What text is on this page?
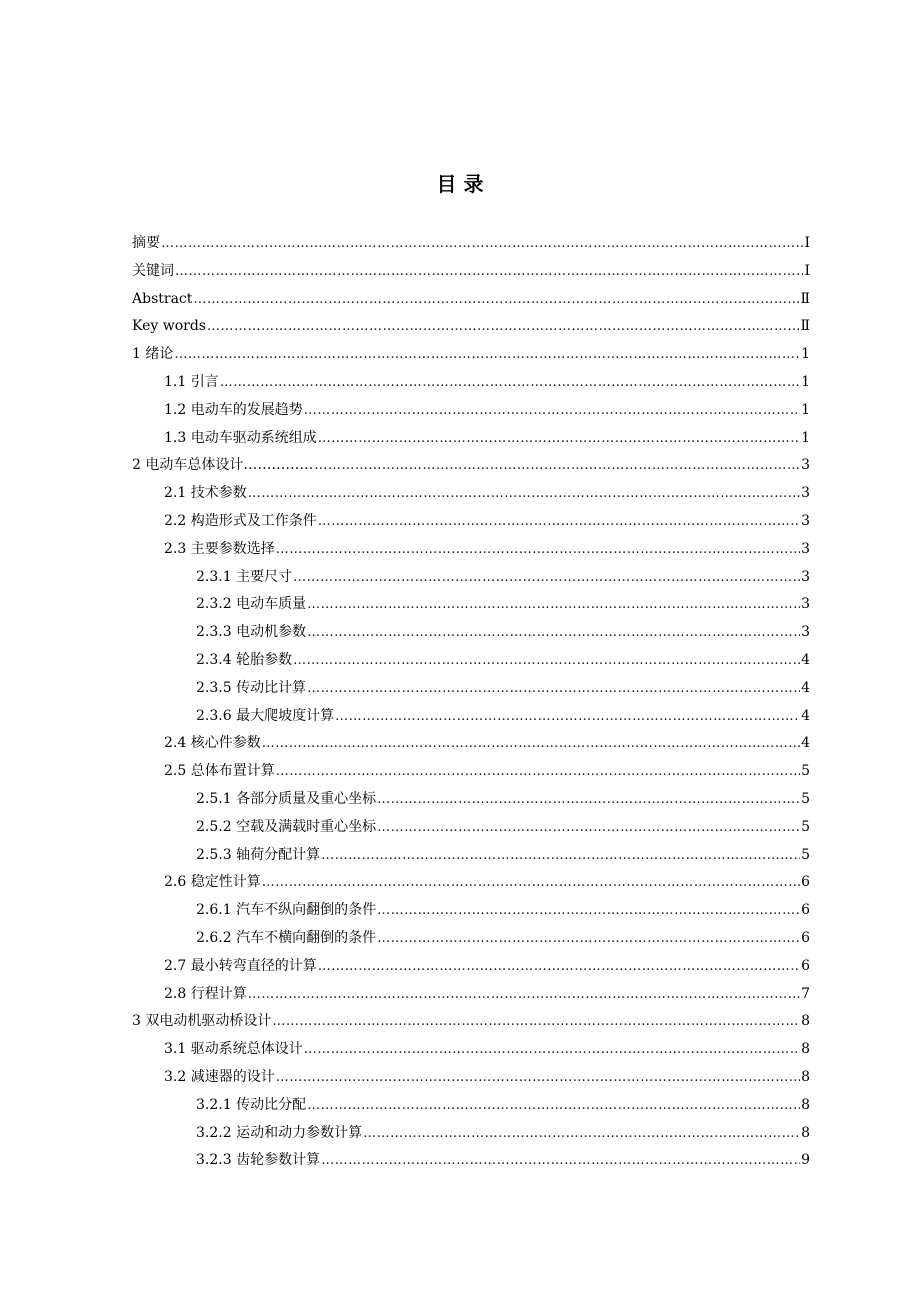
目 录
摘要 ……………………………………………………………………………………………………………………………………………………………………………………	Ⅰ
关键词 ……………………………………………………………………………………………………………………………………………………………………………………	Ⅰ
Abstract ……………………………………………………………………………………………………………………………………………………………………………………	Ⅱ
Key words ……………………………………………………………………………………………………………………………………………………………………………………	Ⅱ
1 绪论 ……………………………………………………………………………………………………………………………………………………………………………………	1
1.1 引言 ……………………………………………………………………………………………………………………………………………………………………………………	1
1.2 电动车的发展趋势 ……………………………………………………………………………………………………………………………………………………………………………………	1
1.3 电动车驱动系统组成 ……………………………………………………………………………………………………………………………………………………………………………………	1
2 电动车总体设计…………… ……………………………………………………………………………………………………………………………………………………………………………………	3
2.1 技术参数 ……………………………………………………………………………………………………………………………………………………………………………………	3
2.2 构造形式及工作条件 ……………………………………………………………………………………………………………………………………………………………………………………	3
2.3 主要参数选择 ……………………………………………………………………………………………………………………………………………………………………………………	3
2.3.1 主要尺寸 ……………………………………………………………………………………………………………………………………………………………………………………	3
2.3.2 电动车质量 ……………………………………………………………………………………………………………………………………………………………………………………	3
2.3.3 电动机参数 ……………………………………………………………………………………………………………………………………………………………………………………	3
2.3.4 轮胎参数 ……………………………………………………………………………………………………………………………………………………………………………………	4
2.3.5 传动比计算 ……………………………………………………………………………………………………………………………………………………………………………………	4
2.3.6 最大爬坡度计算 ……………………………………………………………………………………………………………………………………………………………………………………	4
2.4 核心件参数 ……………………………………………………………………………………………………………………………………………………………………………………	4
2.5 总体布置计算 ……………………………………………………………………………………………………………………………………………………………………………………	5
2.5.1 各部分质量及重心坐标 ……………………………………………………………………………………………………………………………………………………………………………………	5
2.5.2 空载及满载时重心坐标 ……………………………………………………………………………………………………………………………………………………………………………………	5
2.5.3 轴荷分配计算 ……………………………………………………………………………………………………………………………………………………………………………………	5
2.6 稳定性计算 ……………………………………………………………………………………………………………………………………………………………………………………	6
2.6.1 汽车不纵向翻倒的条件 ……………………………………………………………………………………………………………………………………………………………………………………	6
2.6.2 汽车不横向翻倒的条件 ……………………………………………………………………………………………………………………………………………………………………………………	6
2.7 最小转弯直径的计算 ……………………………………………………………………………………………………………………………………………………………………………………	6
2.8 行程计算 ……………………………………………………………………………………………………………………………………………………………………………………	7
3 双电动机驱动桥设计 ……………………………………………………………………………………………………………………………………………………………………………………	8
3.1 驱动系统总体设计 ……………………………………………………………………………………………………………………………………………………………………………………	8
3.2 减速器的设计 ……………………………………………………………………………………………………………………………………………………………………………………	8
3.2.1 传动比分配 ……………………………………………………………………………………………………………………………………………………………………………………	8
3.2.2 运动和动力参数计算 ……………………………………………………………………………………………………………………………………………………………………………………	8
3.2.3 齿轮参数计算 ……………………………………………………………………………………………………………………………………………………………………………………	9
